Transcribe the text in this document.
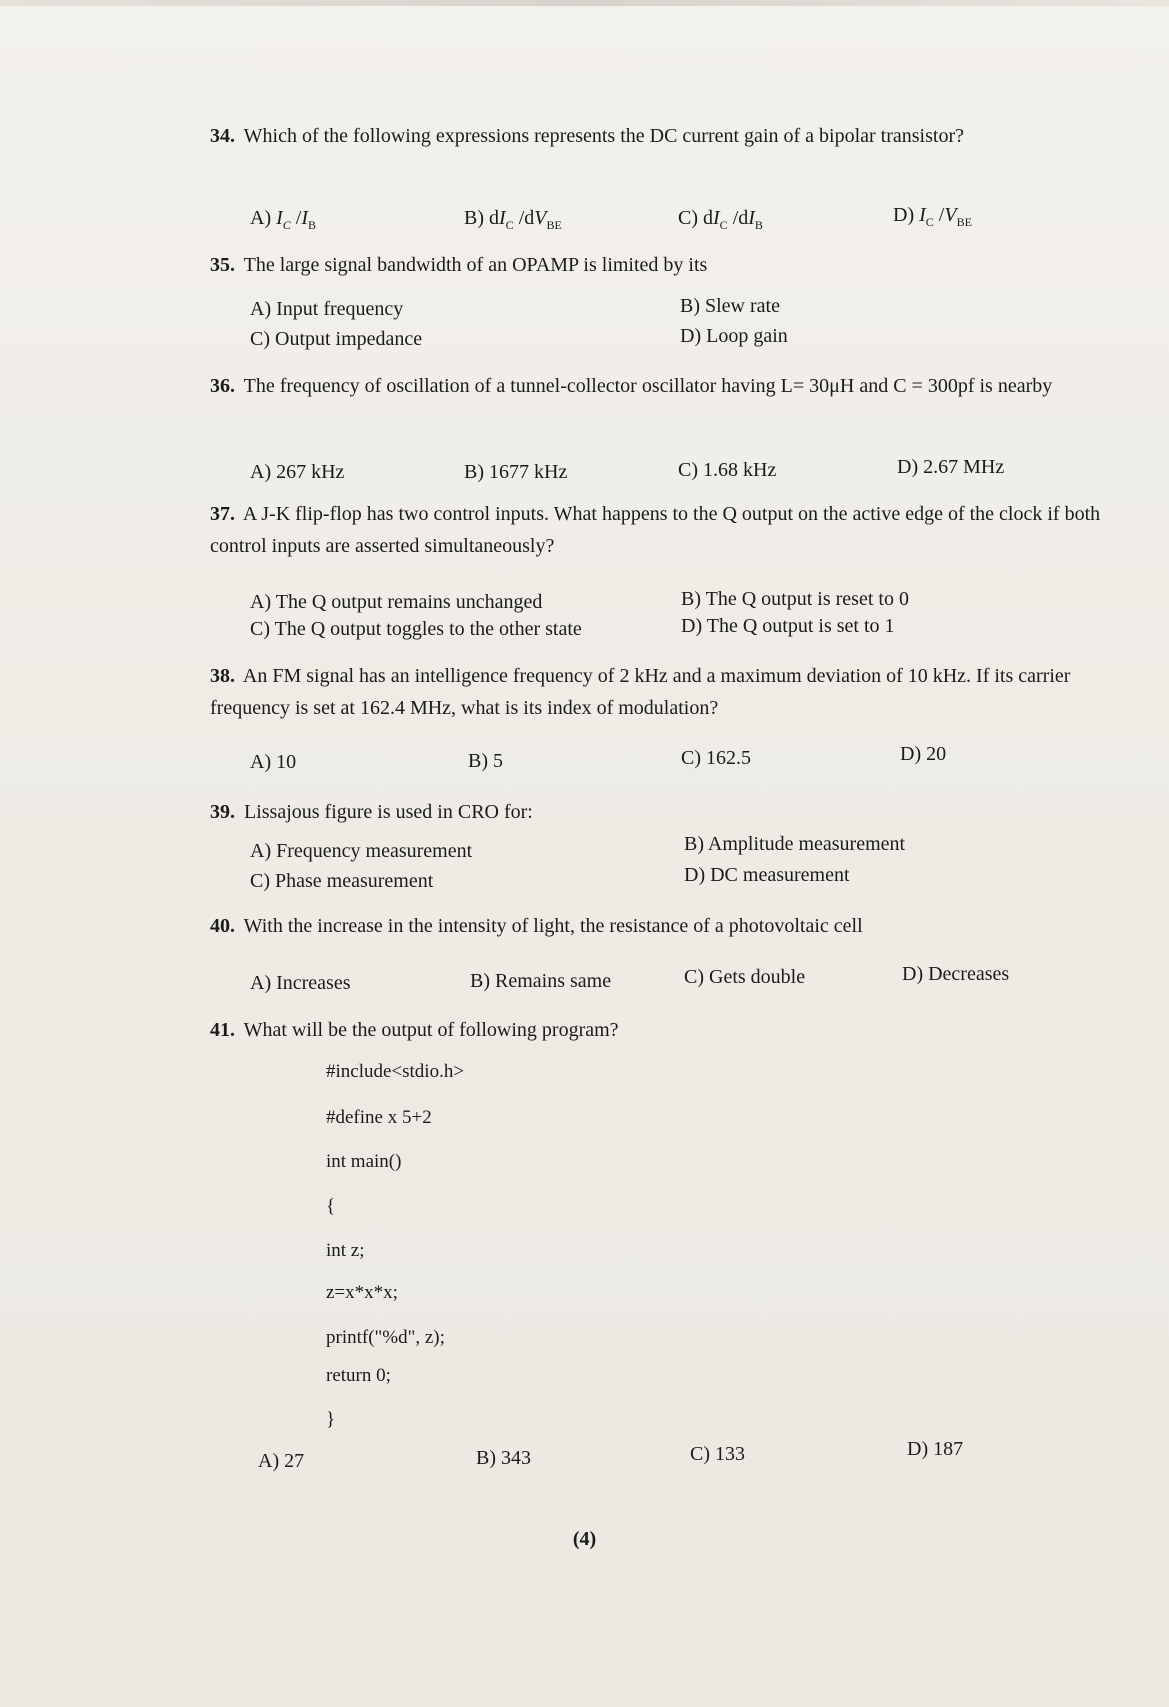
34. Which of the following expressions represents the DC current gain of a bipolar transistor?
A) $I_C$ $/I_B$	B) $dI_C$ $/dV_{BE}$	C) $dI_C$ $/dI_B$	D) $I_C$ $/V_{BE}$
35. The large signal bandwidth of an OPAMP is limited by its
A) Input frequency	B) Slew rate
C) Output impedance	D) Loop gain
36. The frequency of oscillation of a tunnel-collector oscillator having L= 30μH and C = 300pf is nearby
A) 267 kHz	B) 1677 kHz	C) 1.68 kHz	D) 2.67 MHz
37. A J-K flip-flop has two control inputs. What happens to the Q output on the active edge of the clock if both control inputs are asserted simultaneously?
A) The Q output remains unchanged	B) The Q output is reset to 0
C) The Q output toggles to the other state	D) The Q output is set to 1
38. An FM signal has an intelligence frequency of 2 kHz and a maximum deviation of 10 kHz. If its carrier frequency is set at 162.4 MHz, what is its index of modulation?
A) 10	B) 5	C) 162.5	D) 20
39. Lissajous figure is used in CRO for:
A) Frequency measurement	B) Amplitude measurement
C) Phase measurement	D) DC measurement
40. With the increase in the intensity of light, the resistance of a photovoltaic cell
A) Increases	B) Remains same	C) Gets double	D) Decreases
41. What will be the output of following program?
#include<stdio.h>
#define x 5+2
int main()
{
int z;
z=x*x*x;
printf("%d", z);
return 0;
}
A) 27	B) 343	C) 133	D) 187
(4)
